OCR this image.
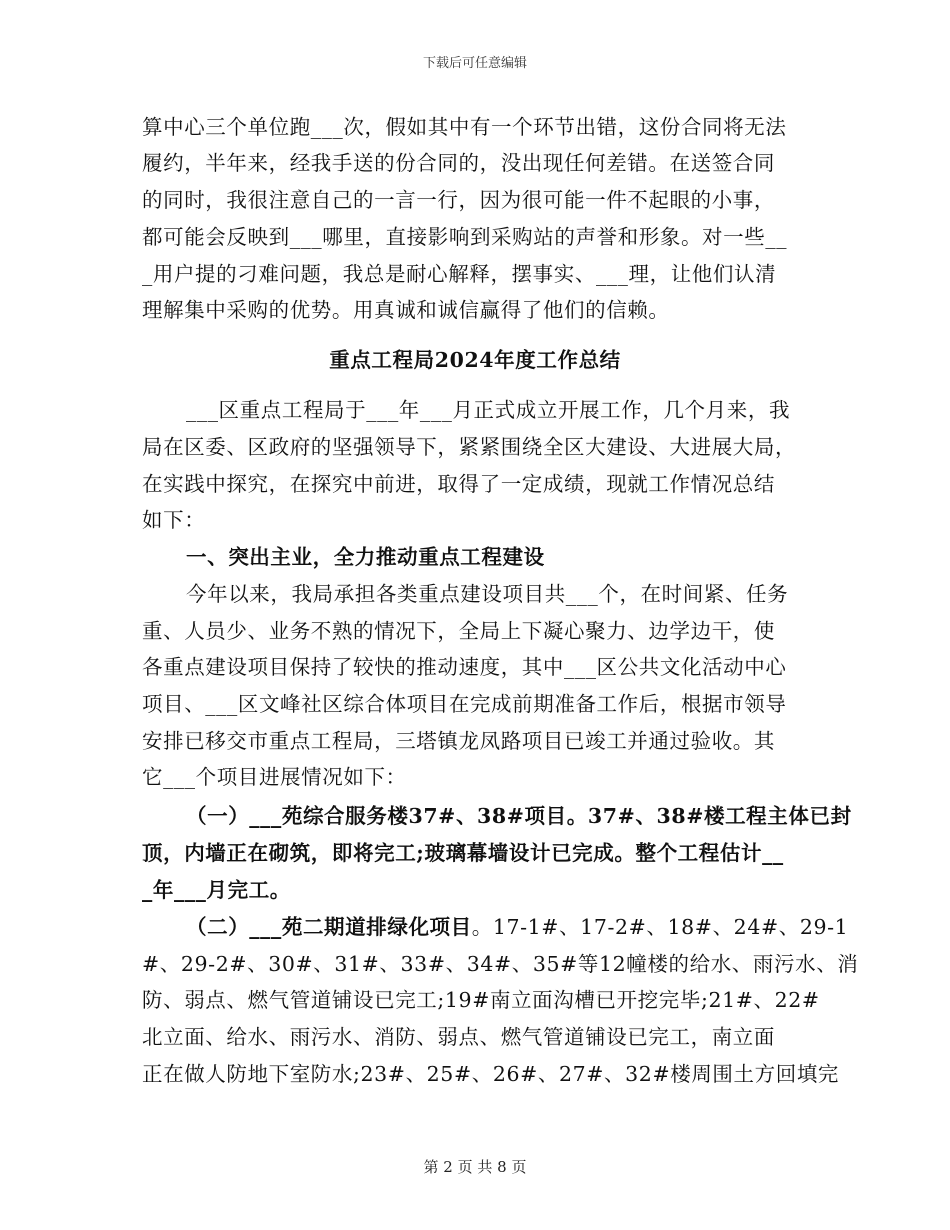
下载后可任意编辑
算中心三个单位跑___次，假如其中有一个环节出错，这份合同将无法
履约，半年来，经我手送的份合同的，没出现任何差错。在送签合同
的同时，我很注意自己的一言一行，因为很可能一件不起眼的小事，
都可能会反映到___哪里，直接影响到采购站的声誉和形象。对一些__
_用户提的刁难问题，我总是耐心解释，摆事实、___理，让他们认清
理解集中采购的优势。用真诚和诚信赢得了他们的信赖。
重点工程局2024年度工作总结
___区重点工程局于___年___月正式成立开展工作，几个月来，我
局在区委、区政府的坚强领导下，紧紧围绕全区大建设、大进展大局，
在实践中探究，在探究中前进，取得了一定成绩，现就工作情况总结
如下：
一、突出主业，全力推动重点工程建设
今年以来，我局承担各类重点建设项目共___个，在时间紧、任务
重、人员少、业务不熟的情况下，全局上下凝心聚力、边学边干，使
各重点建设项目保持了较快的推动速度，其中___区公共文化活动中心
项目、___区文峰社区综合体项目在完成前期准备工作后，根据市领导
安排已移交市重点工程局，三塔镇龙凤路项目已竣工并通过验收。其
它___个项目进展情况如下：
（一）___苑综合服务楼37#、38#项目。37#、38#楼工程主体已封
顶，内墙正在砌筑，即将完工;玻璃幕墙设计已完成。整个工程估计__
_年___月完工。
（二）___苑二期道排绿化项目。17-1#、17-2#、18#、24#、29-1
#、29-2#、30#、31#、33#、34#、35#等12幢楼的给水、雨污水、消
防、弱点、燃气管道铺设已完工;19#南立面沟槽已开挖完毕;21#、22#
北立面、给水、雨污水、消防、弱点、燃气管道铺设已完工，南立面
正在做人防地下室防水;23#、25#、26#、27#、32#楼周围土方回填完
第 2 页 共 8 页
